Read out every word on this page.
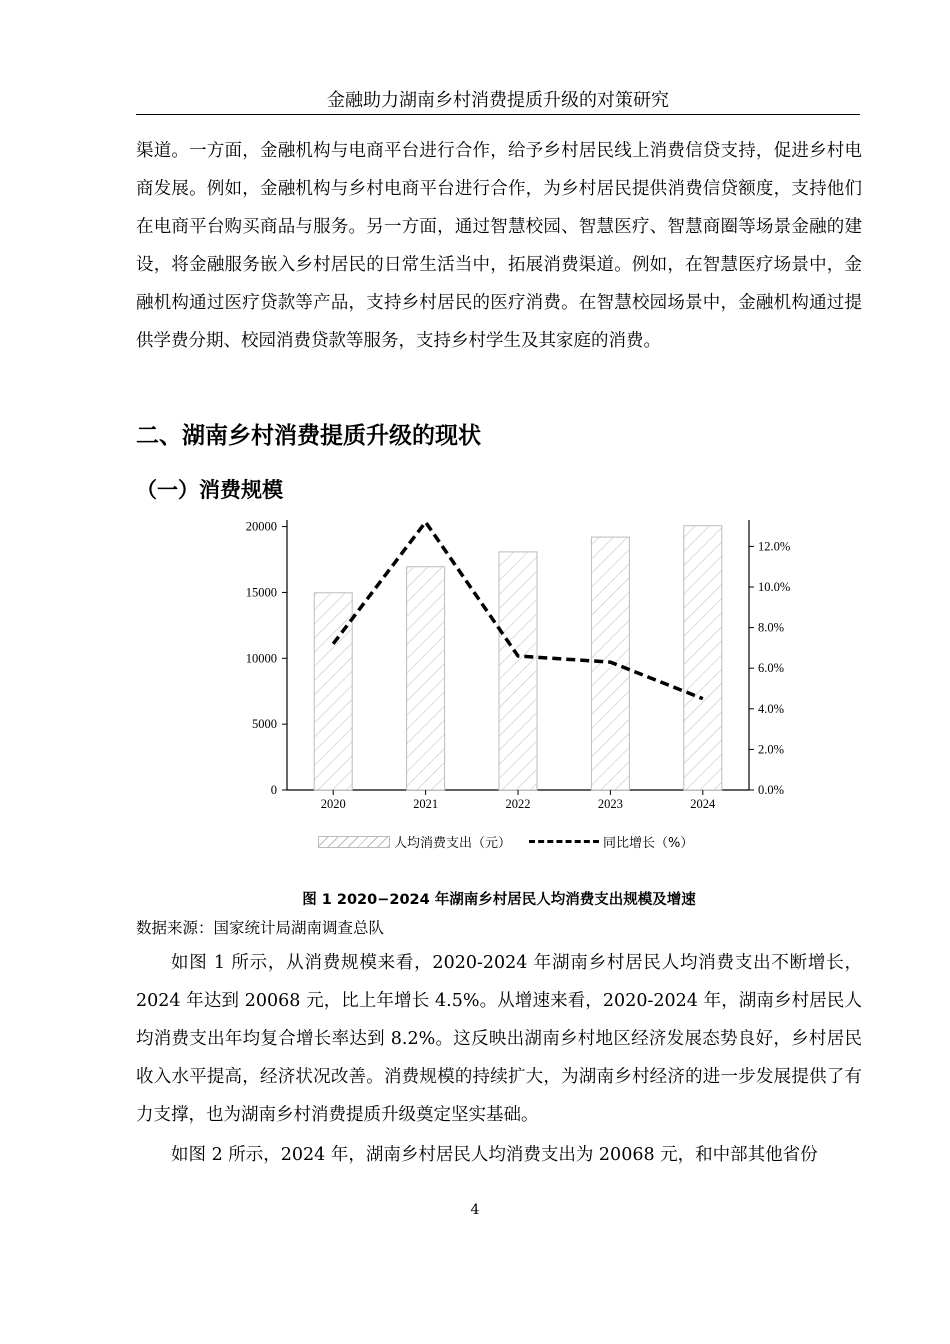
金融助力湖南乡村消费提质升级的对策研究
渠道。一方面，金融机构与电商平台进行合作，给予乡村居民线上消费信贷支持，促进乡村电商发展。例如，金融机构与乡村电商平台进行合作，为乡村居民提供消费信贷额度，支持他们在电商平台购买商品与服务。另一方面，通过智慧校园、智慧医疗、智慧商圈等场景金融的建设，将金融服务嵌入乡村居民的日常生活当中，拓展消费渠道。例如，在智慧医疗场景中，金融机构通过医疗贷款等产品，支持乡村居民的医疗消费。在智慧校园场景中，金融机构通过提供学费分期、校园消费贷款等服务，支持乡村学生及其家庭的消费。
二、湖南乡村消费提质升级的现状
（一）消费规模
0
5000
10000
15000
20000
0.0%
2.0%
4.0%
6.0%
8.0%
10.0%
12.0%
2020	2021	2022	2023	2024
人均消费支出（元）	同比增长（%）
图 1 2020−2024 年湖南乡村居民人均消费支出规模及增速
数据来源：国家统计局湖南调查总队
如图 1 所示，从消费规模来看，2020-2024 年湖南乡村居民人均消费支出不断增长，2024 年达到 20068 元，比上年增长 4.5%。从增速来看，2020-2024 年，湖南乡村居民人均消费支出年均复合增长率达到 8.2%。这反映出湖南乡村地区经济发展态势良好，乡村居民收入水平提高，经济状况改善。消费规模的持续扩大，为湖南乡村经济的进一步发展提供了有力支撑，也为湖南乡村消费提质升级奠定坚实基础。
如图 2 所示，2024 年，湖南乡村居民人均消费支出为 20068 元，和中部其他省份
4
